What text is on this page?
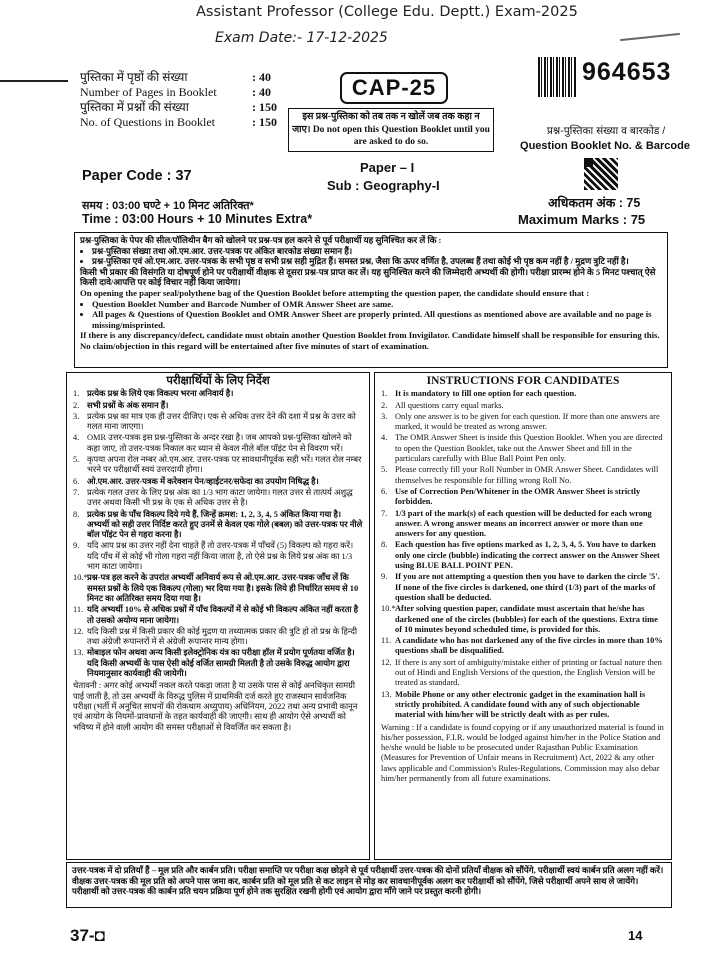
Assistant Professor (College Edu. Deptt.) Exam-2025
Exam Date:- 17-12-2025
पुस्तिका में पृष्ठों की संख्या	: 40
Number of Pages in Booklet	: 40
पुस्तिका में प्रश्नों की संख्या	: 150
No. of Questions in Booklet	: 150
CAP-25
इस प्रश्न-पुस्तिका को तब तक न खोलें जब तक कहा न जाए। Do not open this Question Booklet until you are asked to do so.
964653
प्रश्न-पुस्तिका संख्या व बारकोड /
Question Booklet No. & Barcode
Paper Code : 37
Paper – I
Sub : Geography-I
समय : 03:00 घण्टे + 10 मिनट अतिरिक्त*
Time : 03:00 Hours + 10 Minutes Extra*
अधिकतम अंक : 75
Maximum Marks : 75

प्रश्न-पुस्तिका के पेपर की सील/पॉलिथीन बैग को खोलने पर प्रश्न-पत्र हल करने से पूर्व परीक्षार्थी यह सुनिश्चित कर लें कि :

• प्रश्न-पुस्तिका संख्या तथा ओ.एम.आर. उत्तर-पत्रक पर अंकित बारकोड संख्या समान हैं।
• प्रश्न-पुस्तिका एवं ओ.एम.आर. उत्तर-पत्रक के सभी पृष्ठ व सभी प्रश्न सही मुद्रित हैं। समस्त प्रश्न, जैसा कि ऊपर वर्णित है, उपलब्ध हैं तथा कोई भी पृष्ठ कम नहीं है / मुद्रण त्रुटि नहीं है।

किसी भी प्रकार की विसंगति या दोषपूर्ण होने पर परीक्षार्थी वीक्षक से दूसरा प्रश्न-पत्र प्राप्त कर लें। यह सुनिश्चित करने की जिम्मेदारी अभ्यर्थी की होगी। परीक्षा प्रारम्भ होने के 5 मिनट पश्चात् ऐसे किसी दावे/आपत्ति पर कोई विचार नहीं किया जायेगा।

On opening the paper seal/polythene bag of the Question Booklet before attempting the question paper, the candidate should ensure that :

• Question Booklet Number and Barcode Number of OMR Answer Sheet are same.
• All pages & Questions of Question Booklet and OMR Answer Sheet are properly printed. All questions as mentioned above are available and no page is missing/misprinted.

If there is any discrepancy/defect, candidate must obtain another Question Booklet from Invigilator. Candidate himself shall be responsible for ensuring this. No claim/objection in this regard will be entertained after five minutes of start of examination.

परीक्षार्थियों के लिए निर्देश
1. प्रत्येक प्रश्न के लिये एक विकल्प भरना अनिवार्य है।
2. सभी प्रश्नों के अंक समान हैं।
3. प्रत्येक प्रश्न का मात्र एक ही उत्तर दीजिए। एक से अधिक उत्तर देने की दशा में प्रश्न के उत्तर को गलत माना जाएगा।
4. OMR उत्तर-पत्रक इस प्रश्न-पुस्तिका के अन्दर रखा है। जब आपको प्रश्न-पुस्तिका खोलने को कहा जाए, तो उत्तर-पत्रक निकाल कर ध्यान से केवल नीले बॉल पॉइंट पेन से विवरण भरें।
5. कृपया अपना रोल नम्बर ओ.एम.आर. उत्तर-पत्रक पर सावधानीपूर्वक सही भरें। गलत रोल नम्बर भरने पर परीक्षार्थी स्वयं उत्तरदायी होगा।
6. ओ.एम.आर. उत्तर-पत्रक में करेक्शन पेन/व्हाईटनर/सफेदा का उपयोग निषिद्ध है।
7. प्रत्येक गलत उत्तर के लिए प्रश्न अंक का 1/3 भाग काटा जायेगा। गलत उत्तर से तात्पर्य अशुद्ध उत्तर अथवा किसी भी प्रश्न के एक से अधिक उत्तर से है।
8. प्रत्येक प्रश्न के पाँच विकल्प दिये गये हैं, जिन्हें क्रमश: 1, 2, 3, 4, 5 अंकित किया गया है। अभ्यर्थी को सही उत्तर निर्दिष्ट करते हुए उनमें से केवल एक गोले (बबल) को उत्तर-पत्रक पर नीले बॉल पॉइंट पेन से गहरा करना है।
9. यदि आप प्रश्न का उत्तर नहीं देना चाहते हैं तो उत्तर-पत्रक में पाँचवें (5) विकल्प को गहरा करें। यदि पाँच में से कोई भी गोला गहरा नहीं किया जाता है, तो ऐसे प्रश्न के लिये प्रश्न अंक का 1/3 भाग काटा जायेगा।
10.* प्रश्न-पत्र हल करने के उपरांत अभ्यर्थी अनिवार्य रूप से ओ.एम.आर. उत्तर-पत्रक जाँच लें कि समस्त प्रश्नों के लिये एक विकल्प (गोला) भर दिया गया है। इसके लिये ही निर्धारित समय से 10 मिनट का अतिरिक्त समय दिया गया है।
11. यदि अभ्यर्थी 10% से अधिक प्रश्नों में पाँच विकल्पों में से कोई भी विकल्प अंकित नहीं करता है तो उसको अयोग्य माना जायेगा।
12. यदि किसी प्रश्न में किसी प्रकार की कोई मुद्रण या तथ्यात्मक प्रकार की त्रुटि हो तो प्रश्न के हिन्दी तथा अंग्रेजी रूपान्तरों में से अंग्रेजी रूपान्तर मान्य होगा।
13. मोबाइल फोन अथवा अन्य किसी इलेक्ट्रोनिक यंत्र का परीक्षा हॉल में प्रयोग पूर्णतया वर्जित है। यदि किसी अभ्यर्थी के पास ऐसी कोई वर्जित सामग्री मिलती है तो उसके विरुद्ध आयोग द्वारा नियमानुसार कार्यवाही की जायेगी।

चेतावनी : अगर कोई अभ्यर्थी नकल करते पकड़ा जाता है या उसके पास से कोई अनधिकृत सामग्री पाई जाती है, तो उस अभ्यर्थी के विरुद्ध पुलिस में प्राथमिकी दर्ज करते हुए राजस्थान सार्वजनिक परीक्षा (भर्ती में अनुचित साधनों की रोकथाम अध्युपाय) अधिनियम, 2022 तथा अन्य प्रभावी कानून एवं आयोग के नियमों-प्रावधानों के तहत कार्यवाही की जाएगी। साथ ही आयोग ऐसे अभ्यर्थी को भविष्य में होने वाली आयोग की समस्त परीक्षाओं से विवर्जित कर सकता है।

INSTRUCTIONS FOR CANDIDATES
1. It is mandatory to fill one option for each question.
2. All questions carry equal marks.
3. Only one answer is to be given for each question. If more than one answers are marked, it would be treated as wrong answer.
4. The OMR Answer Sheet is inside this Question Booklet. When you are directed to open the Question Booklet, take out the Answer Sheet and fill in the particulars carefully with Blue Ball Point Pen only.
5. Please correctly fill your Roll Number in OMR Answer Sheet. Candidates will themselves be responsible for filling wrong Roll No.
6. Use of Correction Pen/Whitener in the OMR Answer Sheet is strictly forbidden.
7. 1/3 part of the mark(s) of each question will be deducted for each wrong answer. A wrong answer means an incorrect answer or more than one answers for any question.
8. Each question has five options marked as 1, 2, 3, 4, 5. You have to darken only one circle (bubble) indicating the correct answer on the Answer Sheet using BLUE BALL POINT PEN.
9. If you are not attempting a question then you have to darken the circle '5'. If none of the five circles is darkened, one third (1/3) part of the marks of question shall be deducted.
10.* After solving question paper, candidate must ascertain that he/she has darkened one of the circles (bubbles) for each of the questions. Extra time of 10 minutes beyond scheduled time, is provided for this.
11. A candidate who has not darkened any of the five circles in more than 10% questions shall be disqualified.
12. If there is any sort of ambiguity/mistake either of printing or factual nature then out of Hindi and English Versions of the question, the English Version will be treated as standard.
13. Mobile Phone or any other electronic gadget in the examination hall is strictly prohibited. A candidate found with any of such objectionable material with him/her will be strictly dealt with as per rules.

Warning : If a candidate is found copying or if any unauthorized material is found in his/her possession, F.I.R. would be lodged against him/her in the Police Station and he/she would be liable to be prosecuted under Rajasthan Public Examination (Measures for Prevention of Unfair means in Recruitment) Act, 2022 & any other laws applicable and Commission's Rules-Regulations. Commission may also debar him/her permanently from all future examinations.

उत्तर-पत्रक में दो प्रतियाँ हैं – मूल प्रति और कार्बन प्रति। परीक्षा समाप्ति पर परीक्षा कक्ष छोड़ने से पूर्व परीक्षार्थी उत्तर-पत्रक की दोनों प्रतियाँ वीक्षक को सौंपेंगे, परीक्षार्थी स्वयं कार्बन प्रति अलग नहीं करें। वीक्षक उत्तर-पत्रक की मूल प्रति को अपने पास जमा कर, कार्बन प्रति को मूल प्रति से कट लाइन से मोड़ कर सावधानीपूर्वक अलग कर परीक्षार्थी को सौंपेंगे, जिसे परीक्षार्थी अपने साथ ले जायेंगे। परीक्षार्थी को उत्तर-पत्रक की कार्बन प्रति चयन प्रक्रिया पूर्ण होने तक सुरक्षित रखनी होगी एवं आयोग द्वारा माँगे जाने पर प्रस्तुत करनी होगी।
37-◘	14
